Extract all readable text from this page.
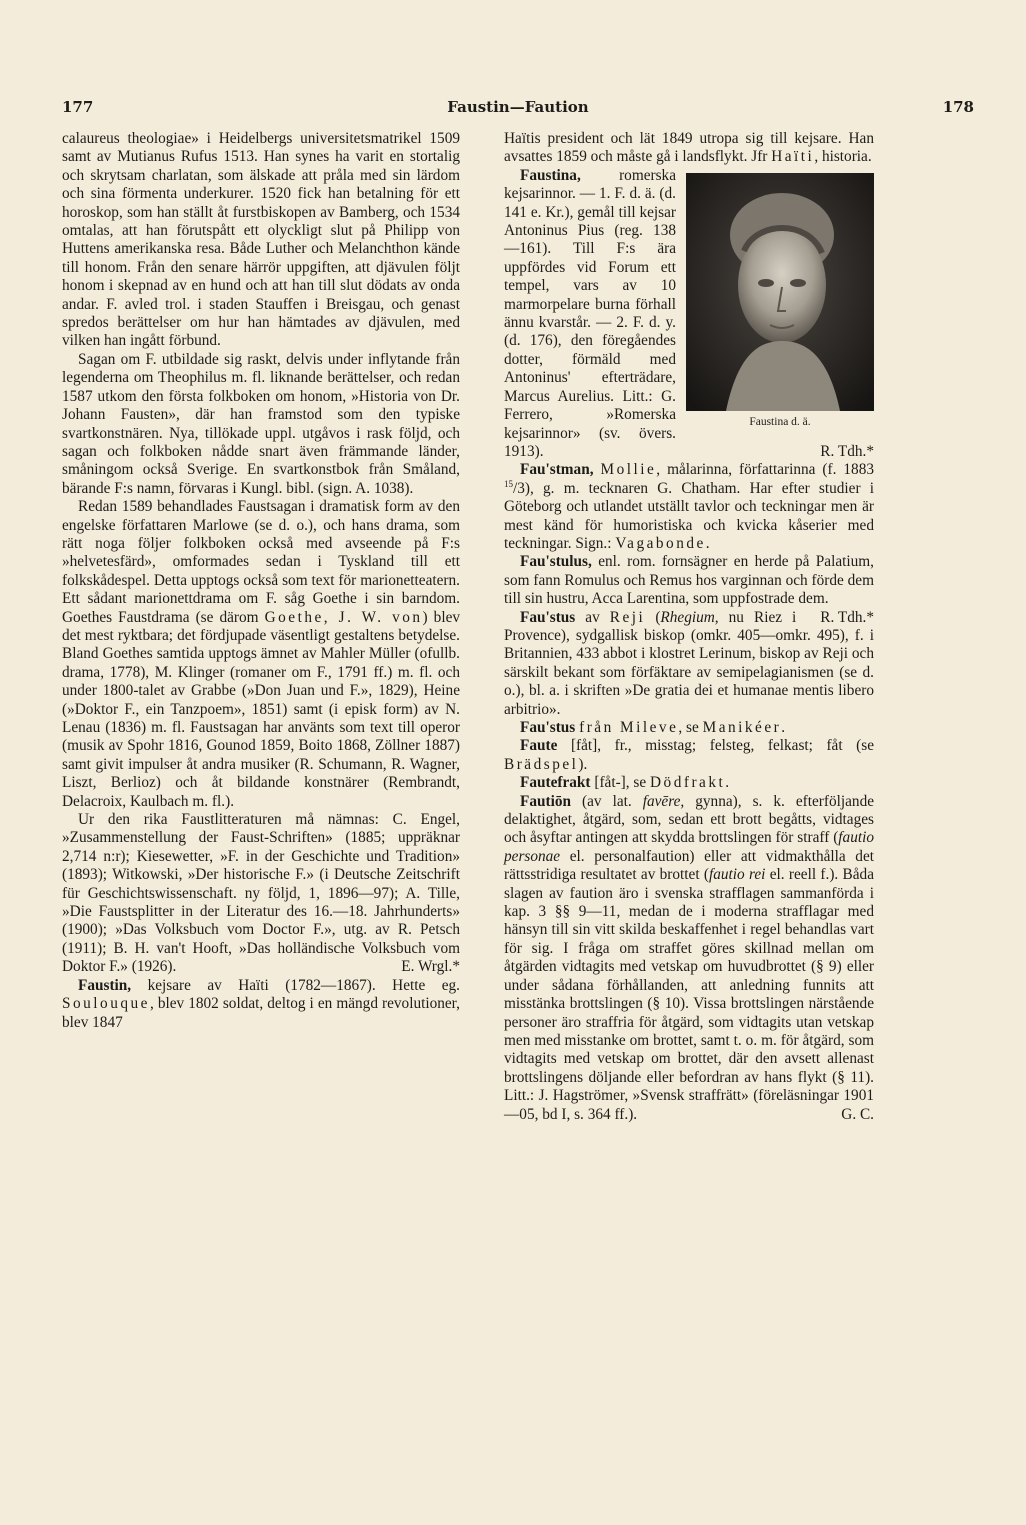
177	Faustin—Faution	178

calaureus theologiae» i Heidelbergs universitetsmatrikel 1509 samt av Mutianus Rufus 1513. Han synes ha varit en stortalig och skrytsam charlatan, som älskade att pråla med sin lärdom och sina förmenta underkurer. 1520 fick han betalning för ett horoskop, som han ställt åt furstbiskopen av Bamberg, och 1534 omtalas, att han förutspått ett olyckligt slut på Philipp von Huttens amerikanska resa. Både Luther och Melanchthon kände till honom. Från den senare härrör uppgiften, att djävulen följt honom i skepnad av en hund och att han till slut dödats av onda andar. F. avled trol. i staden Stauffen i Breisgau, och genast spredos berättelser om hur han hämtades av djävulen, med vilken han ingått förbund.

Sagan om F. utbildade sig raskt, delvis under inflytande från legenderna om Theophilus m. fl. liknande berättelser, och redan 1587 utkom den första folkboken om honom, »Historia von Dr. Johann Fausten», där han framstod som den typiske svartkonstnären. Nya, tillökade uppl. utgåvos i rask följd, och sagan och folkboken nådde snart även främmande länder, småningom också Sverige. En svartkonstbok från Småland, bärande F:s namn, förvaras i Kungl. bibl. (sign. A. 1038).

Redan 1589 behandlades Faustsagan i dramatisk form av den engelske författaren Marlowe (se d. o.), och hans drama, som rätt noga följer folkboken också med avseende på F:s »helvetesfärd», omformades sedan i Tyskland till ett folkskådespel. Detta upptogs också som text för marionetteatern. Ett sådant marionettdrama om F. såg Goethe i sin barndom. Goethes Faustdrama (se därom Goethe, J. W. von) blev det mest ryktbara; det fördjupade väsentligt gestaltens betydelse. Bland Goethes samtida upptogs ämnet av Mahler Müller (ofullb. drama, 1778), M. Klinger (romaner om F., 1791 ff.) m. fl. och under 1800-talet av Grabbe (»Don Juan und F.», 1829), Heine (»Doktor F., ein Tanzpoem», 1851) samt (i episk form) av N. Lenau (1836) m. fl. Faustsagan har använts som text till operor (musik av Spohr 1816, Gounod 1859, Boito 1868, Zöllner 1887) samt givit impulser åt andra musiker (R. Schumann, R. Wagner, Liszt, Berlioz) och åt bildande konstnärer (Rembrandt, Delacroix, Kaulbach m. fl.).

Ur den rika Faustlitteraturen må nämnas: C. Engel, »Zusammenstellung der Faust-Schriften» (1885; uppräknar 2,714 n:r); Kiesewetter, »F. in der Geschichte und Tradition» (1893); Witkowski, »Der historische F.» (i Deutsche Zeitschrift für Geschichtswissenschaft. ny följd, 1, 1896—97); A. Tille, »Die Faustsplitter in der Literatur des 16.—18. Jahrhunderts» (1900); »Das Volksbuch vom Doctor F.», utg. av R. Petsch (1911); B. H. van't Hooft, »Das holländische Volksbuch vom Doktor F.» (1926).	E. Wrgl.*

Faustin, kejsare av Haïti (1782—1867). Hette eg. Soulouque, blev 1802 soldat, deltog i en mängd revolutioner, blev 1847

Haïtis president och lät 1849 utropa sig till kejsare. Han avsattes 1859 och måste gå i landsflykt. Jfr Haïti, historia.

Faustina d. ä.

Faustina, romerska kejsarinnor. — 1. F. d. ä. (d. 141 e. Kr.), gemål till kejsar Antoninus Pius (reg. 138 —161). Till F:s ära uppfördes vid Forum ett tempel, vars av 10 marmorpelare burna förhall ännu kvarstår. — 2. F. d. y. (d. 176), den föregåendes dotter, förmäld med Antoninus' efterträdare, Marcus Aurelius. Litt.: G. Ferrero, »Romerska kejsarinnor» (sv. övers. 1913).	R. Tdh.*

Fau'stman, Mollie, målarinna, författarinna (f. 1883 $^{15}$/3), g. m. tecknaren G. Chatham. Har efter studier i Göteborg och utlandet utställt tavlor och teckningar men är mest känd för humoristiska och kvicka kåserier med teckningar. Sign.: Vagabonde.

Fau'stulus, enl. rom. fornsägner en herde på Palatium, som fann Romulus och Remus hos varginnan och förde dem till sin hustru, Acca Larentina, som uppfostrade dem.
R. Tdh.*

Fau'stus av Reji (Rhegium, nu Riez i Provence), sydgallisk biskop (omkr. 405—omkr. 495), f. i Britannien, 433 abbot i klostret Lerinum, biskop av Reji och särskilt bekant som förfäktare av semipelagianismen (se d. o.), bl. a. i skriften »De gratia dei et humanae mentis libero arbitrio».

Fau'stus från Mileve, se Manikéer.

Faute [fåt], fr., misstag; felsteg, felkast; fåt (se Brädspel).

Fautefrakt [fåt-], se Dödfrakt.

Fautiōn (av lat. favēre, gynna), s. k. efterföljande delaktighet, åtgärd, som, sedan ett brott begåtts, vidtages och åsyftar antingen att skydda brottslingen för straff (fautio personae el. personalfaution) eller att vidmakthålla det rättsstridiga resultatet av brottet (fautio rei el. reell f.). Båda slagen av faution äro i svenska strafflagen sammanförda i kap. 3 §§ 9—11, medan de i moderna strafflagar med hänsyn till sin vitt skilda beskaffenhet i regel behandlas vart för sig. I fråga om straffet göres skillnad mellan om åtgärden vidtagits med vetskap om huvudbrottet (§ 9) eller under sådana förhållanden, att anledning funnits att misstänka brottslingen (§ 10). Vissa brottslingen närstående personer äro straffria för åtgärd, som vidtagits utan vetskap men med misstanke om brottet, samt t. o. m. för åtgärd, som vidtagits med vetskap om brottet, där den avsett allenast brottslingens döljande eller befordran av hans flykt (§ 11). Litt.: J. Hagströmer, »Svensk straffrätt» (föreläsningar 1901—05, bd I, s. 364 ff.).	G. C.
